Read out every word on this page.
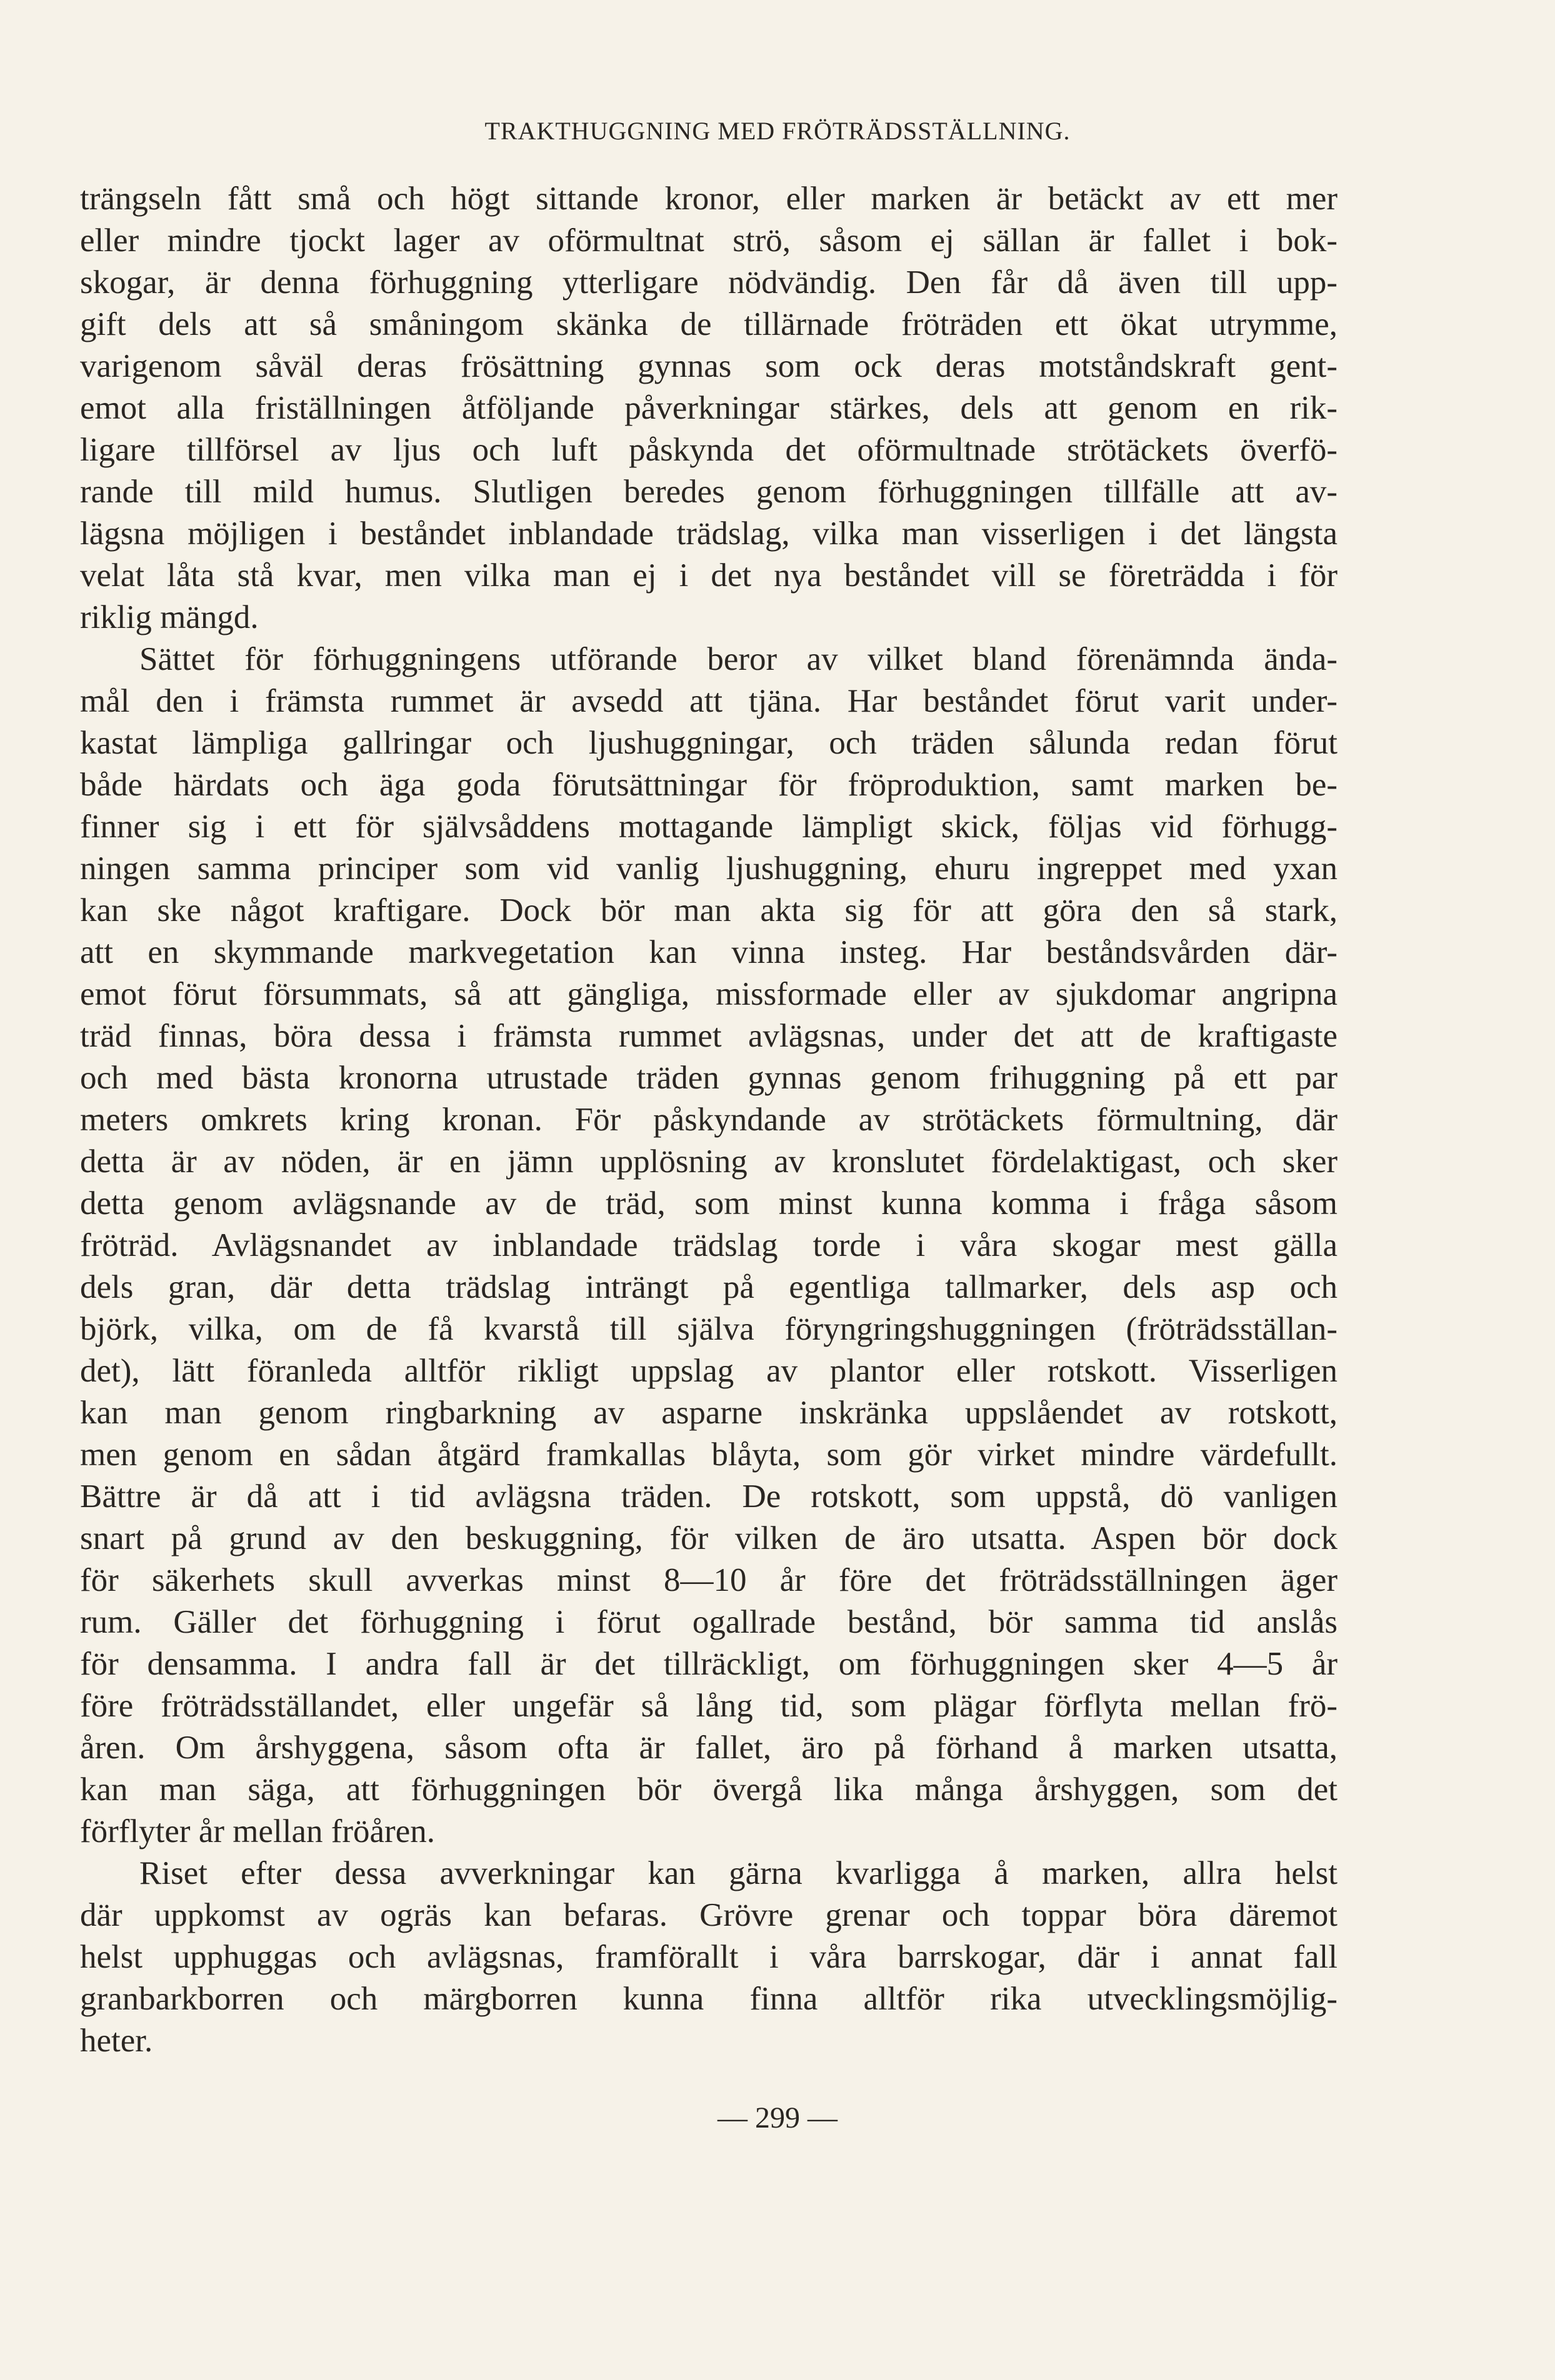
TRAKTHUGGNING MED FRÖTRÄDSSTÄLLNING.
trängseln fått små och högt sittande kronor, eller marken är betäckt av ett mer
eller mindre tjockt lager av oförmultnat strö, såsom ej sällan är fallet i bok-
skogar, är denna förhuggning ytterligare nödvändig. Den får då även till upp-
gift dels att så småningom skänka de tillärnade fröträden ett ökat utrymme,
varigenom såväl deras frösättning gynnas som ock deras motståndskraft gent-
emot alla friställningen åtföljande påverkningar stärkes, dels att genom en rik-
ligare tillförsel av ljus och luft påskynda det oförmultnade strötäckets överfö-
rande till mild humus. Slutligen beredes genom förhuggningen tillfälle att av-
lägsna möjligen i beståndet inblandade trädslag, vilka man visserligen i det längsta
velat låta stå kvar, men vilka man ej i det nya beståndet vill se företrädda i för
riklig mängd.
Sättet för förhuggningens utförande beror av vilket bland förenämnda ända-
mål den i främsta rummet är avsedd att tjäna. Har beståndet förut varit under-
kastat lämpliga gallringar och ljushuggningar, och träden sålunda redan förut
både härdats och äga goda förutsättningar för fröproduktion, samt marken be-
finner sig i ett för självsåddens mottagande lämpligt skick, följas vid förhugg-
ningen samma principer som vid vanlig ljushuggning, ehuru ingreppet med yxan
kan ske något kraftigare. Dock bör man akta sig för att göra den så stark,
att en skymmande markvegetation kan vinna insteg. Har beståndsvården där-
emot förut försummats, så att gängliga, missformade eller av sjukdomar angripna
träd finnas, böra dessa i främsta rummet avlägsnas, under det att de kraftigaste
och med bästa kronorna utrustade träden gynnas genom frihuggning på ett par
meters omkrets kring kronan. För påskyndande av strötäckets förmultning, där
detta är av nöden, är en jämn upplösning av kronslutet fördelaktigast, och sker
detta genom avlägsnande av de träd, som minst kunna komma i fråga såsom
fröträd. Avlägsnandet av inblandade trädslag torde i våra skogar mest gälla
dels gran, där detta trädslag inträngt på egentliga tallmarker, dels asp och
björk, vilka, om de få kvarstå till själva föryngringshuggningen (fröträdsställan-
det), lätt föranleda alltför rikligt uppslag av plantor eller rotskott. Visserligen
kan man genom ringbarkning av asparne inskränka uppslåendet av rotskott,
men genom en sådan åtgärd framkallas blåyta, som gör virket mindre värdefullt.
Bättre är då att i tid avlägsna träden. De rotskott, som uppstå, dö vanligen
snart på grund av den beskuggning, för vilken de äro utsatta. Aspen bör dock
för säkerhets skull avverkas minst 8—10 år före det fröträdsställningen äger
rum. Gäller det förhuggning i förut ogallrade bestånd, bör samma tid anslås
för densamma. I andra fall är det tillräckligt, om förhuggningen sker 4—5 år
före fröträdsställandet, eller ungefär så lång tid, som plägar förflyta mellan frö-
åren. Om årshyggena, såsom ofta är fallet, äro på förhand å marken utsatta,
kan man säga, att förhuggningen bör övergå lika många årshyggen, som det
förflyter år mellan fröåren.
Riset efter dessa avverkningar kan gärna kvarligga å marken, allra helst
där uppkomst av ogräs kan befaras. Grövre grenar och toppar böra däremot
helst upphuggas och avlägsnas, framförallt i våra barrskogar, där i annat fall
granbarkborren och märgborren kunna finna alltför rika utvecklingsmöjlig-
heter.
— 299 —
